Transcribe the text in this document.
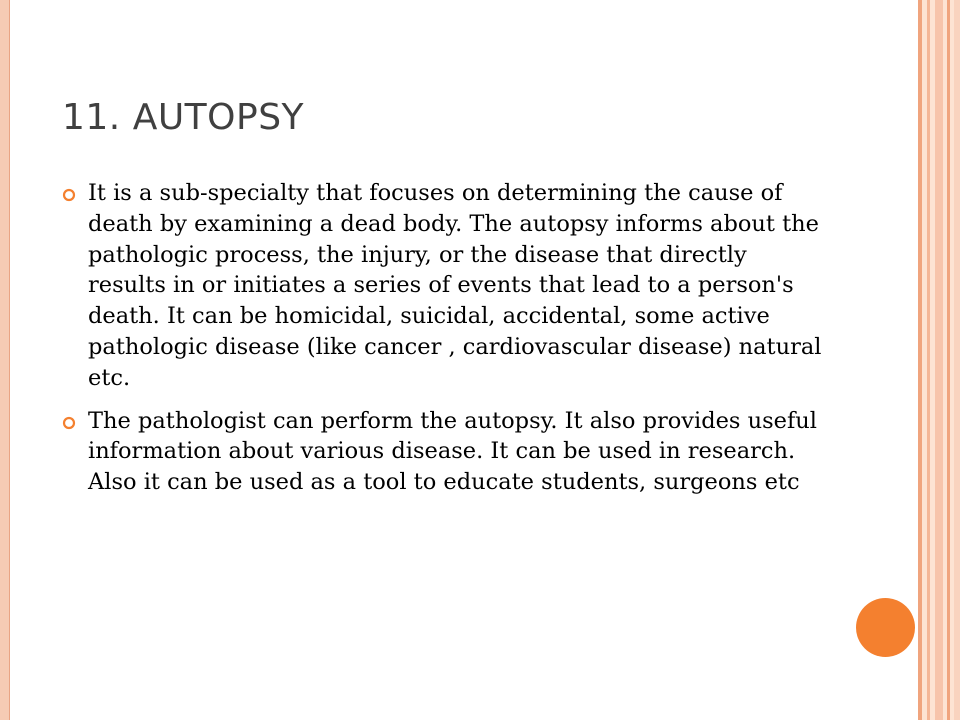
11. AUTOPSY
It is a sub-specialty that focuses on determining the cause of death by examining a dead body. The autopsy informs about the pathologic process, the injury, or the disease that directly results in or initiates a series of events that lead to a person's death. It can be homicidal, suicidal, accidental, some active pathologic disease (like cancer , cardiovascular disease) natural etc.
The pathologist can perform the autopsy. It also provides useful information about various disease. It can be used in research. Also it can be used as a tool to educate students, surgeons etc
